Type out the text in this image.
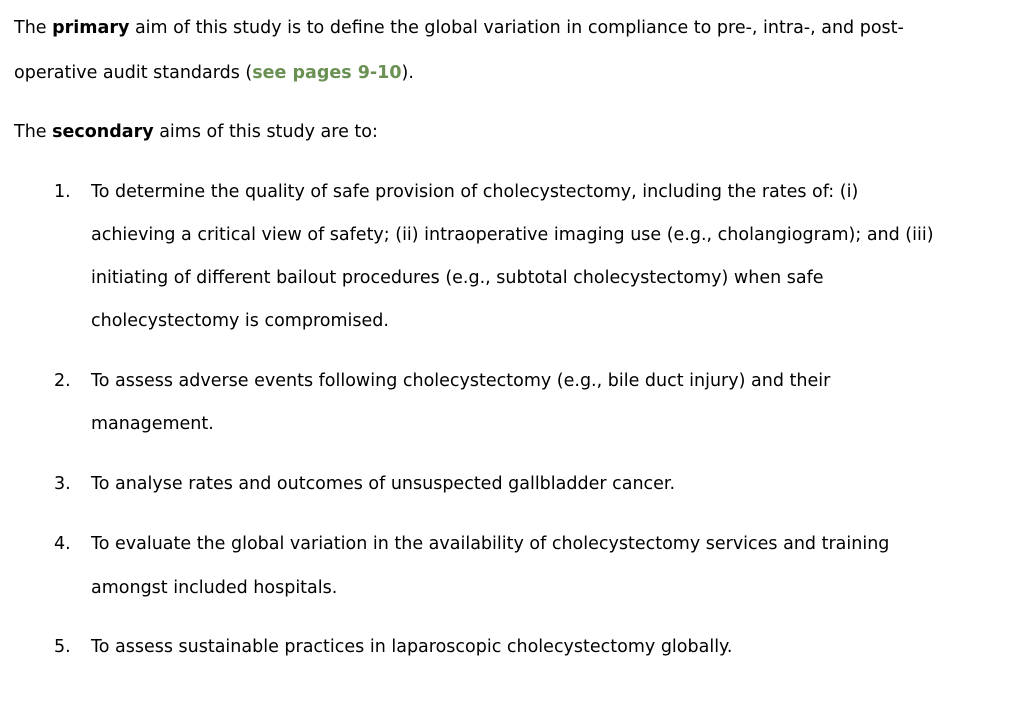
The primary aim of this study is to define the global variation in compliance to pre-, intra-, and post-
operative audit standards (see pages 9-10).
The secondary aims of this study are to:
1. To determine the quality of safe provision of cholecystectomy, including the rates of: (i)
achieving a critical view of safety; (ii) intraoperative imaging use (e.g., cholangiogram); and (iii)
initiating of different bailout procedures (e.g., subtotal cholecystectomy) when safe
cholecystectomy is compromised.
2. To assess adverse events following cholecystectomy (e.g., bile duct injury) and their
management.
3. To analyse rates and outcomes of unsuspected gallbladder cancer.
4. To evaluate the global variation in the availability of cholecystectomy services and training
amongst included hospitals.
5. To assess sustainable practices in laparoscopic cholecystectomy globally.
